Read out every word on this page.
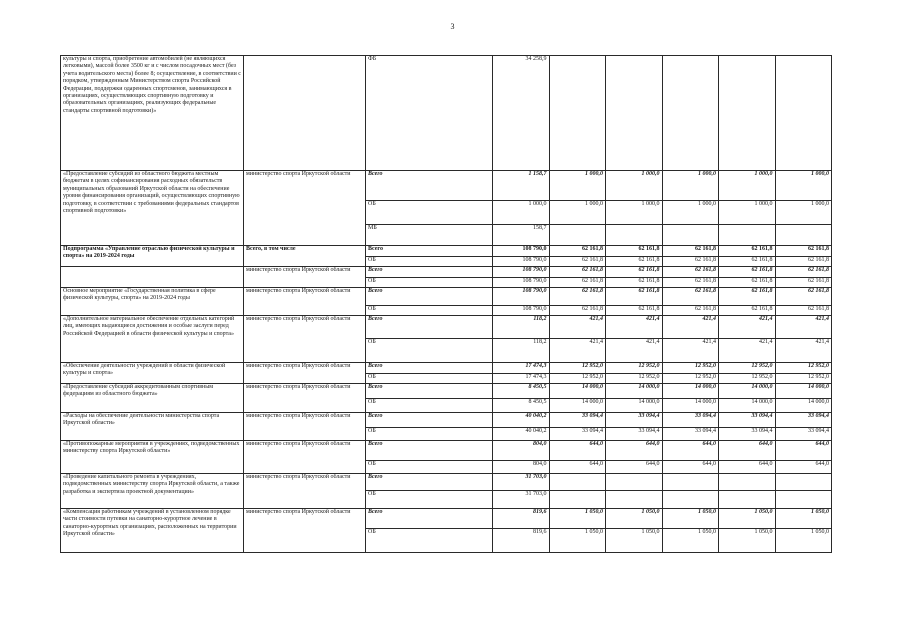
3
культуры и спорта, приобретение автомобилей (не являющихся легковыми), массой более 3500 кг и с числом посадочных мест (без учета водительского места) более 8; осуществление, в соответствии с порядком, утвержденным Министерством спорта Российской Федерации, поддержки одаренных спортсменов, занимающихся в организациях, осуществляющих спортивную подготовку и образовательных организациях, реализующих федеральные стандарты спортивной подготовки)»		ФБ	34 258,9					
«Предоставление субсидий из областного бюджета местным бюджетам в целях софинансирования расходных обязательств муниципальных образований Иркутской области на обеспечение уровня финансирования организаций, осуществляющих спортивную подготовку, в соответствии с требованиями федеральных стандартов спортивной подготовки»	министерство спорта Иркутской области	Всего	1 158,7	1 000,0	1 000,0	1 000,0	1 000,0	1 000,0
		ОБ	1 000,0	1 000,0	1 000,0	1 000,0	1 000,0	1 000,0
		МБ	158,7					
Подпрограмма «Управление отраслью физической культуры и спорта» на 2019-2024 годы	Всего, в том числе	Всего	108 790,0	62 161,8	62 161,8	62 161,8	62 161,8	62 161,8
		ОБ	108 790,0	62 161,8	62 161,8	62 161,8	62 161,8	62 161,8
	министерство спорта Иркутской области	Всего	108 790,0	62 161,8	62 161,8	62 161,8	62 161,8	62 161,8
		ОБ	108 790,0	62 161,8	62 161,8	62 161,8	62 161,8	62 161,8
Основное мероприятие «Государственная политика в сфере физической культуры, спорта» на 2019-2024 годы	министерство спорта Иркутской области	Всего	108 790,0	62 161,8	62 161,8	62 161,8	62 161,8	62 161,8
		ОБ	108 790,0	62 161,8	62 161,8	62 161,8	62 161,8	62 161,8
«Дополнительное материальное обеспечение отдельных категорий лиц, имеющих выдающиеся достижения и особые заслуги перед Российской Федерацией в области физической культуры и спорта»	министерство спорта Иркутской области	Всего	118,2	421,4	421,4	421,4	421,4	421,4
		ОБ	118,2	421,4	421,4	421,4	421,4	421,4
«Обеспечение деятельности учреждений в области физической культуры и спорта»	министерство спорта Иркутской области	Всего	17 474,3	12 952,0	12 952,0	12 952,0	12 952,0	12 952,0
		ОБ	17 474,3	12 952,0	12 952,0	12 952,0	12 952,0	12 952,0
«Предоставление субсидий аккредитованным спортивным федерациям из областного бюджета»	министерство спорта Иркутской области	Всего	8 450,5	14 000,0	14 000,0	14 000,0	14 000,0	14 000,0
		ОБ	8 450,5	14 000,0	14 000,0	14 000,0	14 000,0	14 000,0
«Расходы на обеспечение деятельности министерства спорта Иркутской области»	министерство спорта Иркутской области	Всего	40 040,2	33 094,4	33 094,4	33 094,4	33 094,4	33 094,4
		ОБ	40 040,2	33 094,4	33 094,4	33 094,4	33 094,4	33 094,4
«Противопожарные мероприятия в учреждениях, подведомственных министерству спорта Иркутской области»	министерство спорта Иркутской области	Всего	804,0	644,0	644,0	644,0	644,0	644,0
		ОБ	804,0	644,0	644,0	644,0	644,0	644,0
«Проведение капитального ремонта в учреждениях, подведомственных министерству спорта Иркутской области, а также разработка и экспертиза проектной документации»	министерство спорта Иркутской области	Всего	31 703,0					
		ОБ	31 703,0					
«Компенсация работникам учреждений в установленном порядке части стоимости путевки на санаторно-курортное лечение в санаторно-курортных организациях, расположенных на территории Иркутской области»	министерство спорта Иркутской области	Всего	819,6	1 050,0	1 050,0	1 050,0	1 050,0	1 050,0
		ОБ	819,6	1 050,0	1 050,0	1 050,0	1 050,0	1 050,0
